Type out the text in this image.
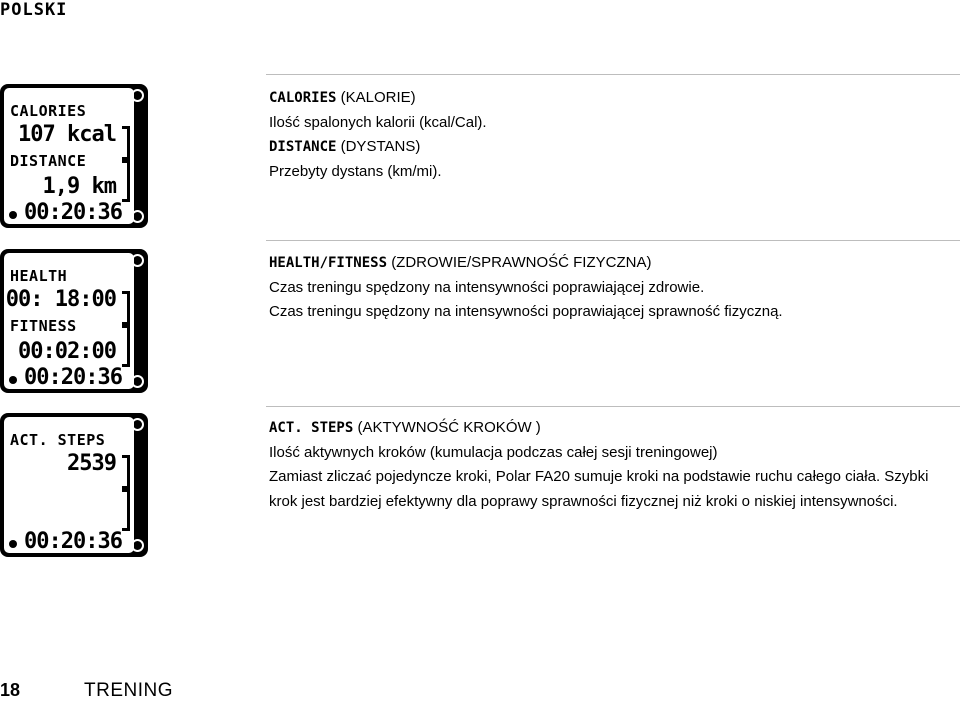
POLSKI
CALORIES
107 kcal
DISTANCE
1,9 km
00:20:36
HEALTH
00: 18:00
FITNESS
00:02:00
00:20:36
ACT. STEPS
2539
00:20:36

CALORIES (KALORIE)

Ilość spalonych kalorii (kcal/Cal).

DISTANCE (DYSTANS)

Przebyty dystans (km/mi).

HEALTH/FITNESS (ZDROWIE/SPRAWNOŚĆ FIZYCZNA)

Czas treningu spędzony na intensywności poprawiającej zdrowie.

Czas treningu spędzony na intensywności poprawiającej sprawność fizyczną.

ACT. STEPS (AKTYWNOŚĆ KROKÓW )

Ilość aktywnych kroków (kumulacja podczas całej sesji treningowej)

Zamiast zliczać pojedyncze kroki, Polar FA20 sumuje kroki na podstawie ruchu całego ciała. Szybki

krok jest bardziej efektywny dla poprawy sprawności fizycznej niż kroki o niskiej intensywności.

18	TRENING
